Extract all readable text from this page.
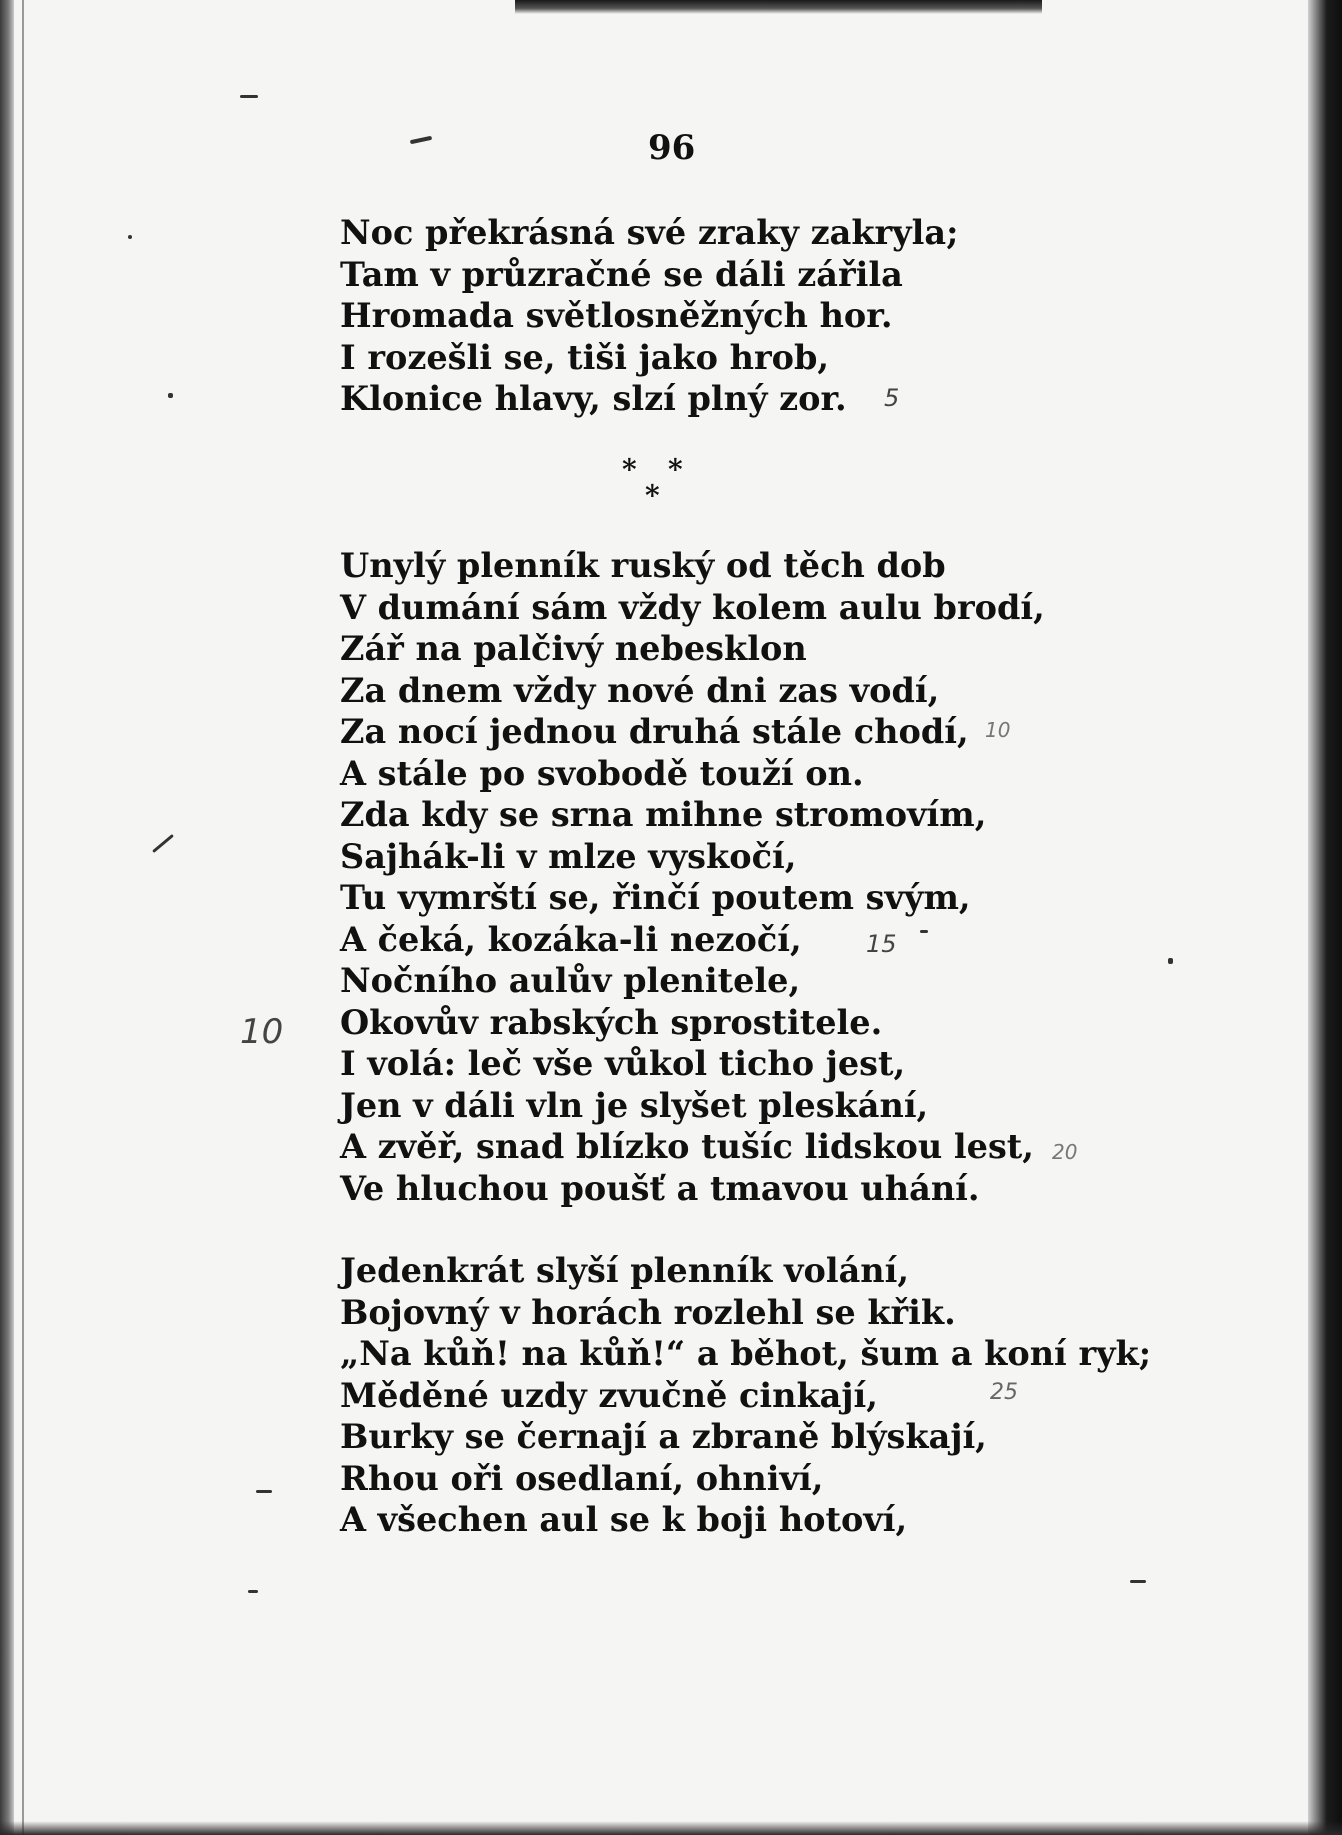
96
Noc překrásná své zraky zakryla;
Tam v průzračné se dáli zářila
Hromada světlosněžných hor.
I rozešli se, tiši jako hrob,
Klonice hlavy, slzí plný zor.
* *
*
Unylý plenník ruský od těch dob
V dumání sám vždy kolem aulu brodí,
Zář na palčivý nebesklon
Za dnem vždy nové dni zas vodí,
Za nocí jednou druhá stále chodí,
A stále po svobodě touží on.
Zda kdy se srna mihne stromovím,
Sajhák-li v mlze vyskočí,
Tu vymrští se, řinčí poutem svým,
A čeká, kozáka-li nezočí,
Nočního aulův plenitele,
Okovův rabských sprostitele.
I volá: leč vše vůkol ticho jest,
Jen v dáli vln je slyšet pleskání,
A zvěř, snad blízko tušíc lidskou lest,
Ve hluchou poušť a tmavou uhání.
Jedenkrát slyší plenník volání,
Bojovný v horách rozlehl se křik.
„Na kůň! na kůň!“ a běhot, šum a koní ryk;
Měděné uzdy zvučně cinkají,
Burky se černají a zbraně blýskají,
Rhou oři osedlaní, ohniví,
A všechen aul se k boji hotoví,
10
5
15
10
20
25
